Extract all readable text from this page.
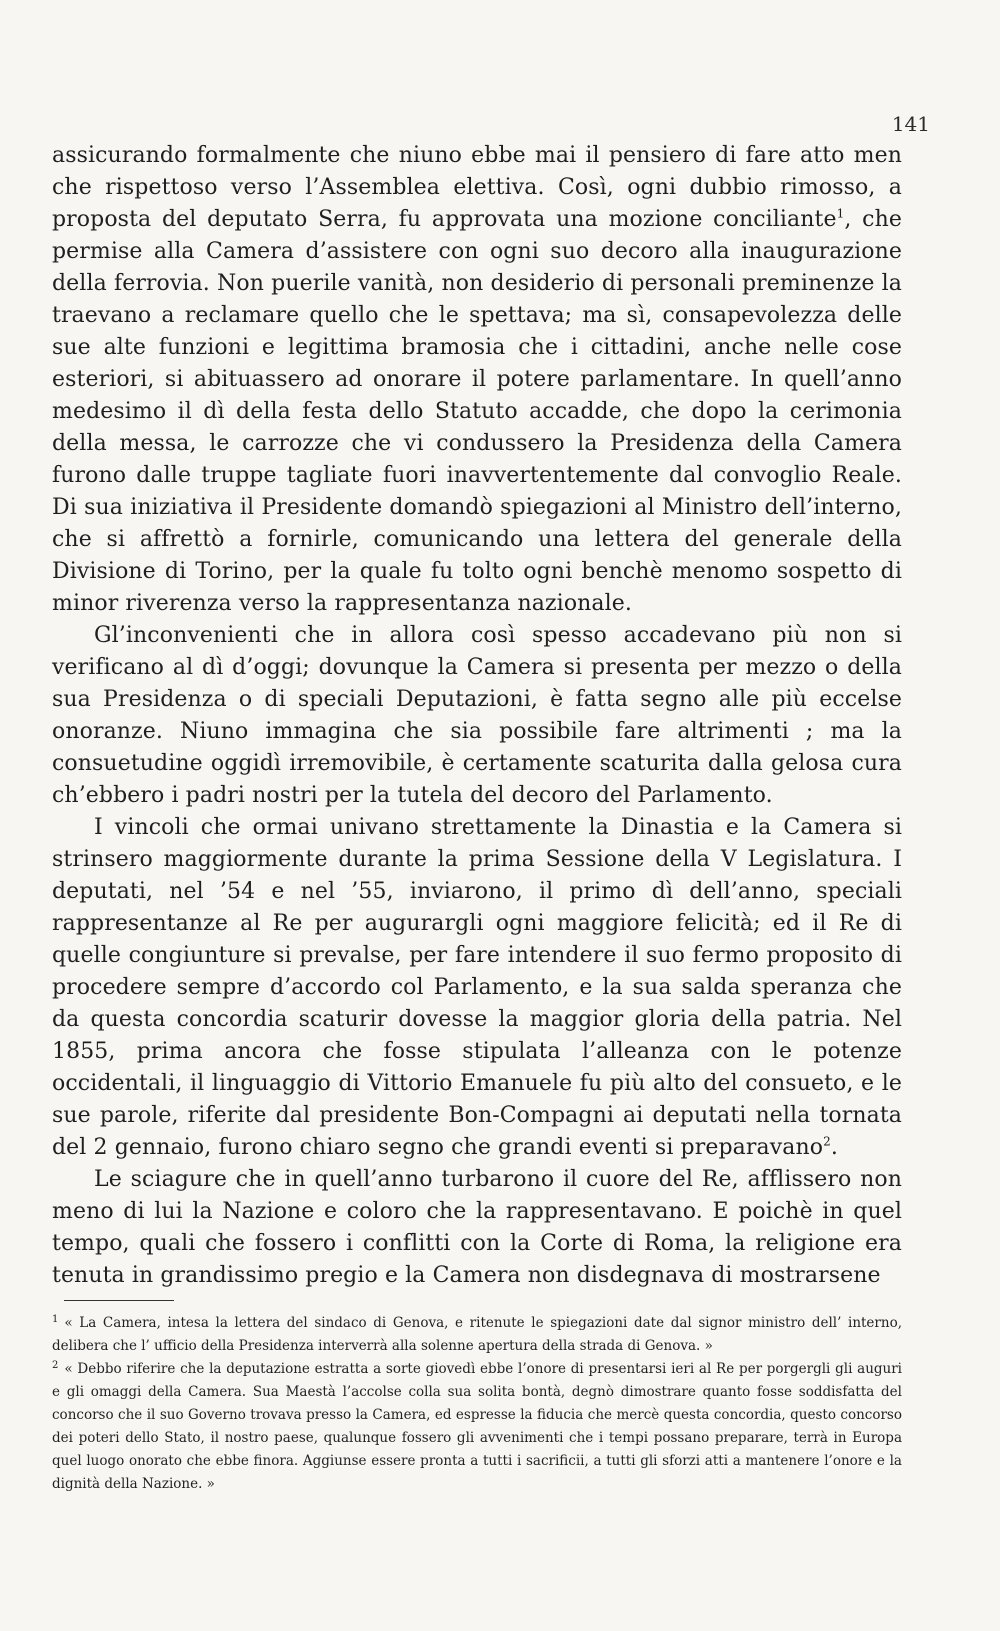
141

assicurando formalmente che niuno ebbe mai il pensiero di fare atto men che rispettoso verso l’Assemblea elettiva. Così, ogni dubbio rimosso, a proposta del deputato Serra, fu approvata una mozione conciliante$^1$, che permise alla Camera d’assistere con ogni suo decoro alla inaugurazione della ferrovia. Non puerile vanità, non desiderio di personali preminenze la traevano a reclamare quello che le spettava; ma sì, consapevolezza delle sue alte funzioni e legittima bramosia che i cittadini, anche nelle cose esteriori, si abituassero ad onorare il potere parlamentare. In quell’anno medesimo il dì della festa dello Statuto accadde, che dopo la cerimonia della messa, le carrozze che vi condussero la Presidenza della Camera furono dalle truppe tagliate fuori inavvertentemente dal convoglio Reale. Di sua iniziativa il Presidente domandò spiegazioni al Ministro dell’interno, che si affrettò a fornirle, comunicando una lettera del generale della Divisione di Torino, per la quale fu tolto ogni benchè menomo sospetto di minor riverenza verso la rappresentanza nazionale.

Gl’inconvenienti che in allora così spesso accadevano più non si verificano al dì d’oggi; dovunque la Camera si presenta per mezzo o della sua Presidenza o di speciali Deputazioni, è fatta segno alle più eccelse onoranze. Niuno immagina che sia possibile fare altrimenti ; ma la consuetudine oggidì irremovibile, è certamente scaturita dalla gelosa cura ch’ebbero i padri nostri per la tutela del decoro del Parlamento.

I vincoli che ormai univano strettamente la Dinastia e la Camera si strinsero maggiormente durante la prima Sessione della V Legislatura. I deputati, nel ’54 e nel ’55, inviarono, il primo dì dell’anno, speciali rappresentanze al Re per augurargli ogni maggiore felicità; ed il Re di quelle congiunture si prevalse, per fare intendere il suo fermo proposito di procedere sempre d’accordo col Parlamento, e la sua salda speranza che da questa concordia scaturir dovesse la maggior gloria della patria. Nel 1855, prima ancora che fosse stipulata l’alleanza con le potenze occidentali, il linguaggio di Vittorio Emanuele fu più alto del consueto, e le sue parole, riferite dal presidente Bon-Compagni ai deputati nella tornata del 2 gennaio, furono chiaro segno che grandi eventi si preparavano$^2$.

Le sciagure che in quell’anno turbarono il cuore del Re, afflissero non meno di lui la Nazione e coloro che la rappresentavano. E poichè in quel tempo, quali che fossero i conflitti con la Corte di Roma, la religione era tenuta in grandissimo pregio e la Camera non disdegnava di mostrarsene

$^1$ « La Camera, intesa la lettera del sindaco di Genova, e ritenute le spiegazioni date dal signor ministro dell’ interno, delibera che l’ ufficio della Presidenza interverrà alla solenne apertura della strada di Genova. »

$^2$ « Debbo riferire che la deputazione estratta a sorte giovedì ebbe l’onore di presentarsi ieri al Re per porgergli gli auguri e gli omaggi della Camera. Sua Maestà l’accolse colla sua solita bontà, degnò dimostrare quanto fosse soddisfatta del concorso che il suo Governo trovava presso la Camera, ed espresse la fiducia che mercè questa concordia, questo concorso dei poteri dello Stato, il nostro paese, qualunque fossero gli avvenimenti che i tempi possano preparare, terrà in Europa quel luogo onorato che ebbe finora. Aggiunse essere pronta a tutti i sacrificii, a tutti gli sforzi atti a mantenere l’onore e la dignità della Nazione. »
